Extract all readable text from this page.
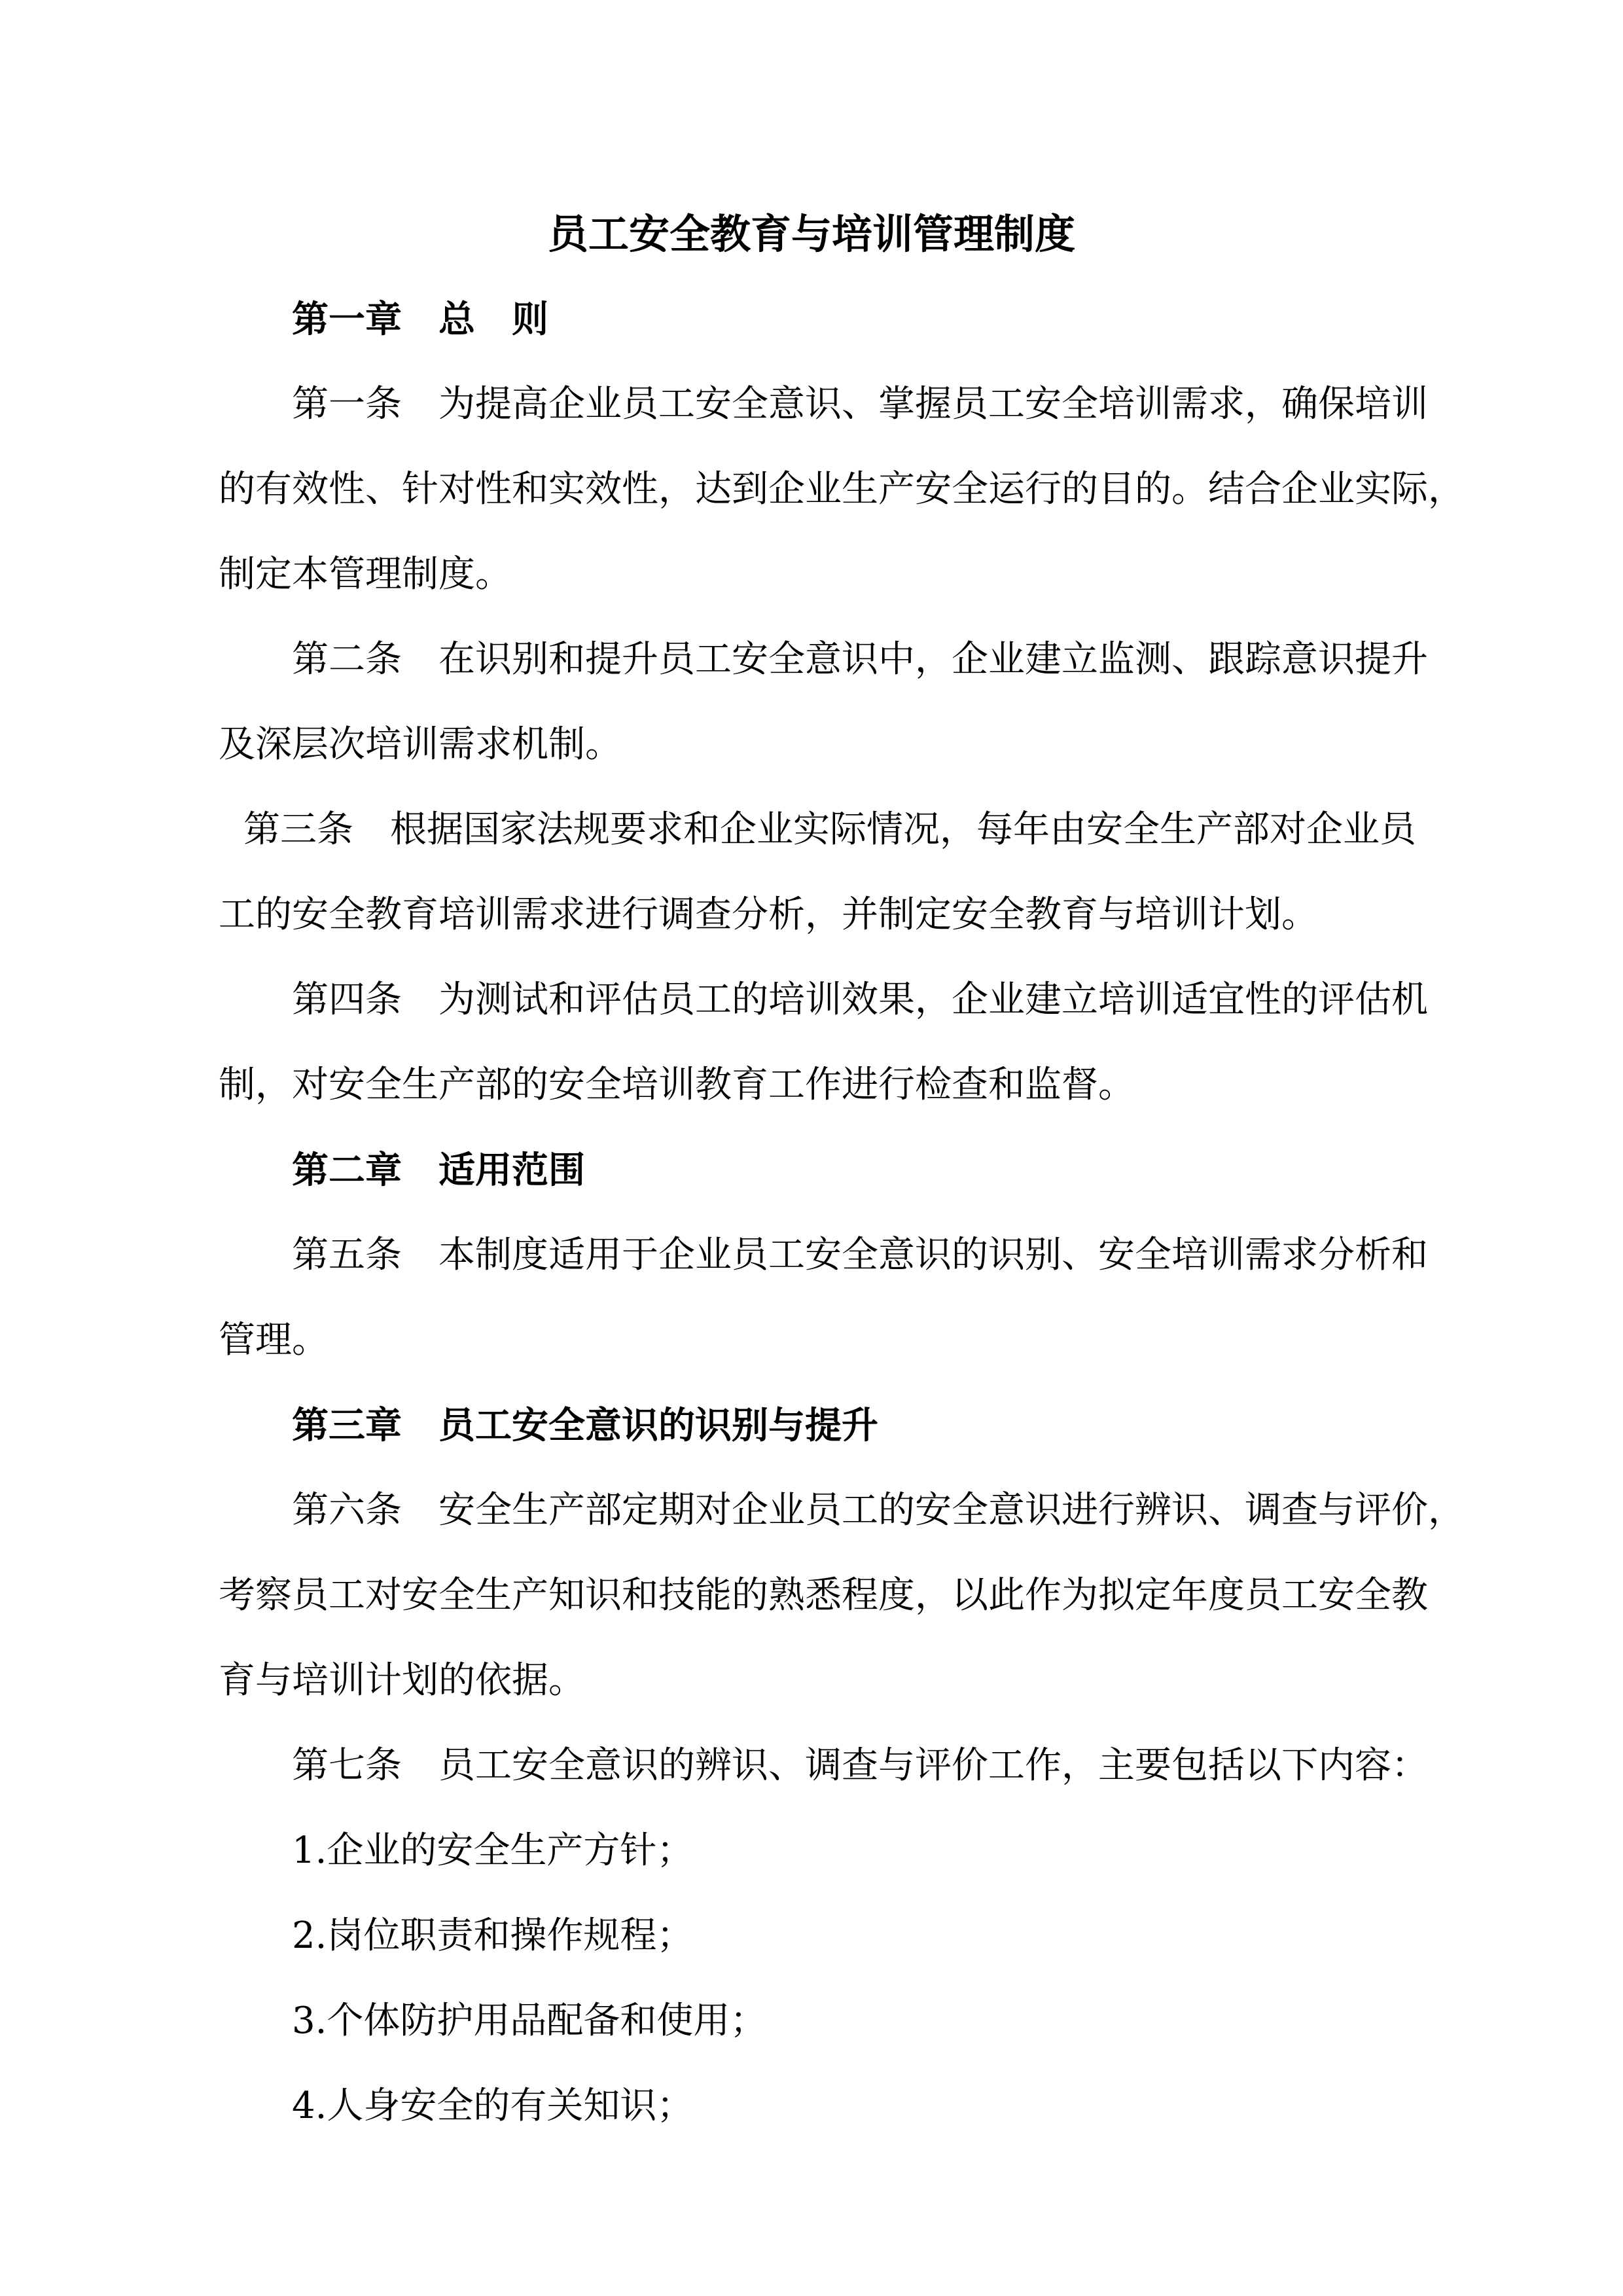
员工安全教育与培训管理制度
第一章 总　则
第一条 为提高企业员工安全意识、掌握员工安全培训需求，确保培训
的有效性、针对性和实效性，达到企业生产安全运行的目的。结合企业实际，
制定本管理制度。
第二条 在识别和提升员工安全意识中，企业建立监测、跟踪意识提升
及深层次培训需求机制。
第三条 根据国家法规要求和企业实际情况，每年由安全生产部对企业员
工的安全教育培训需求进行调查分析，并制定安全教育与培训计划。
第四条 为测试和评估员工的培训效果，企业建立培训适宜性的评估机
制，对安全生产部的安全培训教育工作进行检查和监督。
第二章 适用范围
第五条 本制度适用于企业员工安全意识的识别、安全培训需求分析和
管理。
第三章 员工安全意识的识别与提升
第六条 安全生产部定期对企业员工的安全意识进行辨识、调查与评价，
考察员工对安全生产知识和技能的熟悉程度，以此作为拟定年度员工安全教
育与培训计划的依据。
第七条 员工安全意识的辨识、调查与评价工作，主要包括以下内容：
1.企业的安全生产方针；
2.岗位职责和操作规程；
3.个体防护用品配备和使用；
4.人身安全的有关知识；
